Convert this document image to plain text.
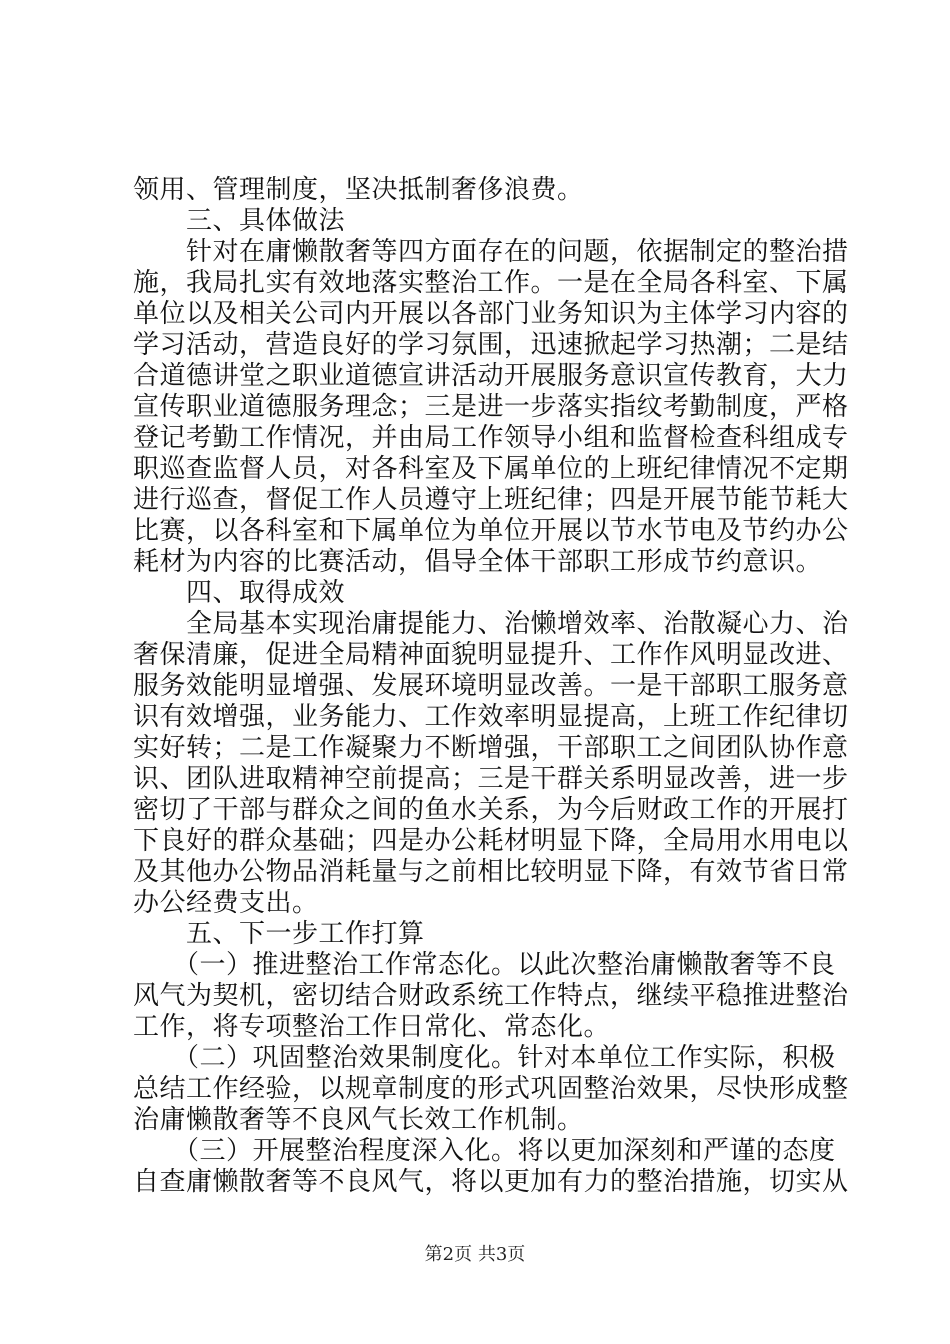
领用、管理制度，坚决抵制奢侈浪费。
　　三、具体做法
　　针对在庸懒散奢等四方面存在的问题，依据制定的整治措
施，我局扎实有效地落实整治工作。一是在全局各科室、下属
单位以及相关公司内开展以各部门业务知识为主体学习内容的
学习活动，营造良好的学习氛围，迅速掀起学习热潮；二是结
合道德讲堂之职业道德宣讲活动开展服务意识宣传教育，大力
宣传职业道德服务理念；三是进一步落实指纹考勤制度，严格
登记考勤工作情况，并由局工作领导小组和监督检查科组成专
职巡查监督人员，对各科室及下属单位的上班纪律情况不定期
进行巡查，督促工作人员遵守上班纪律；四是开展节能节耗大
比赛，以各科室和下属单位为单位开展以节水节电及节约办公
耗材为内容的比赛活动，倡导全体干部职工形成节约意识。
　　四、取得成效
　　全局基本实现治庸提能力、治懒增效率、治散凝心力、治
奢保清廉，促进全局精神面貌明显提升、工作作风明显改进、
服务效能明显增强、发展环境明显改善。一是干部职工服务意
识有效增强，业务能力、工作效率明显提高，上班工作纪律切
实好转；二是工作凝聚力不断增强，干部职工之间团队协作意
识、团队进取精神空前提高；三是干群关系明显改善，进一步
密切了干部与群众之间的鱼水关系，为今后财政工作的开展打
下良好的群众基础；四是办公耗材明显下降，全局用水用电以
及其他办公物品消耗量与之前相比较明显下降，有效节省日常
办公经费支出。
　　五、下一步工作打算
　　（一）推进整治工作常态化。以此次整治庸懒散奢等不良
风气为契机，密切结合财政系统工作特点，继续平稳推进整治
工作，将专项整治工作日常化、常态化。
　　（二）巩固整治效果制度化。针对本单位工作实际，积极
总结工作经验，以规章制度的形式巩固整治效果，尽快形成整
治庸懒散奢等不良风气长效工作机制。
　　（三）开展整治程度深入化。将以更加深刻和严谨的态度
自查庸懒散奢等不良风气，将以更加有力的整治措施，切实从
第2页 共3页
